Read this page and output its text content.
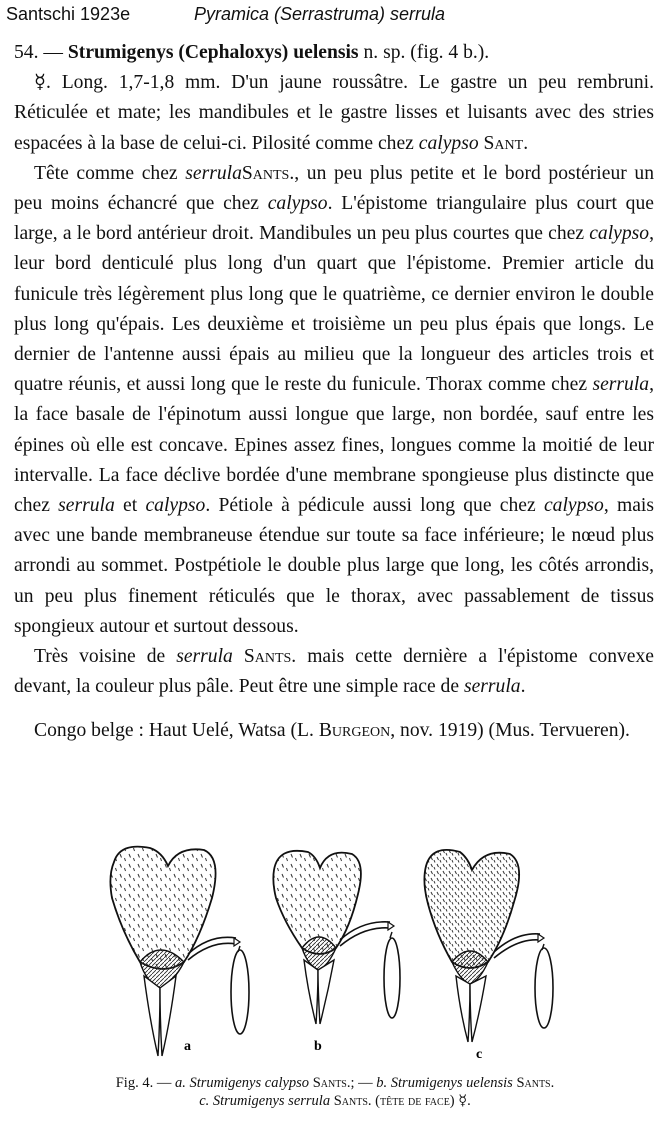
Santschi 1923e	Pyramica (Serrastruma) serrula

54. — Strumigenys (Cephaloxys) uelensis n. sp. (fig. 4 b.).

☿. Long. 1,7-1,8 mm. D'un jaune roussâtre. Le gastre un peu rembruni. Réticulée et mate; les mandibules et le gastre lisses et luisants avec des stries espacées à la base de celui-ci. Pilosité comme chez calypso Sant.

Tête comme chez serrulaSants., un peu plus petite et le bord postérieur un peu moins échancré que chez calypso. L'épistome triangulaire plus court que large, a le bord antérieur droit. Mandibules un peu plus courtes que chez calypso, leur bord denticulé plus long d'un quart que l'épistome. Premier article du funicule très légèrement plus long que le quatrième, ce dernier environ le double plus long qu'épais. Les deuxième et troisième un peu plus épais que longs. Le dernier de l'antenne aussi épais au milieu que la longueur des articles trois et quatre réunis, et aussi long que le reste du funicule. Thorax comme chez serrula, la face basale de l'épinotum aussi longue que large, non bordée, sauf entre les épines où elle est concave. Epines assez fines, longues comme la moitié de leur intervalle. La face déclive bordée d'une membrane spongieuse plus distincte que chez serrula et calypso. Pétiole à pédicule aussi long que chez calypso, mais avec une bande membraneuse étendue sur toute sa face inférieure; le nœud plus arrondi au sommet. Postpétiole le double plus large que long, les côtés arrondis, un peu plus finement réticulés que le thorax, avec passablement de tissus spongieux autour et surtout dessous.

Très voisine de serrula Sants. mais cette dernière a l'épistome convexe devant, la couleur plus pâle. Peut être une simple race de serrula.

Congo belge : Haut Uelé, Watsa (L. Burgeon, nov. 1919) (Mus. Tervueren).

a	b
c
Fig. 4. — a. Strumigenys calypso Sants.; — b. Strumigenys uelensis Sants.
c. Strumigenys serrula Sants. (tête de face) ☿.
